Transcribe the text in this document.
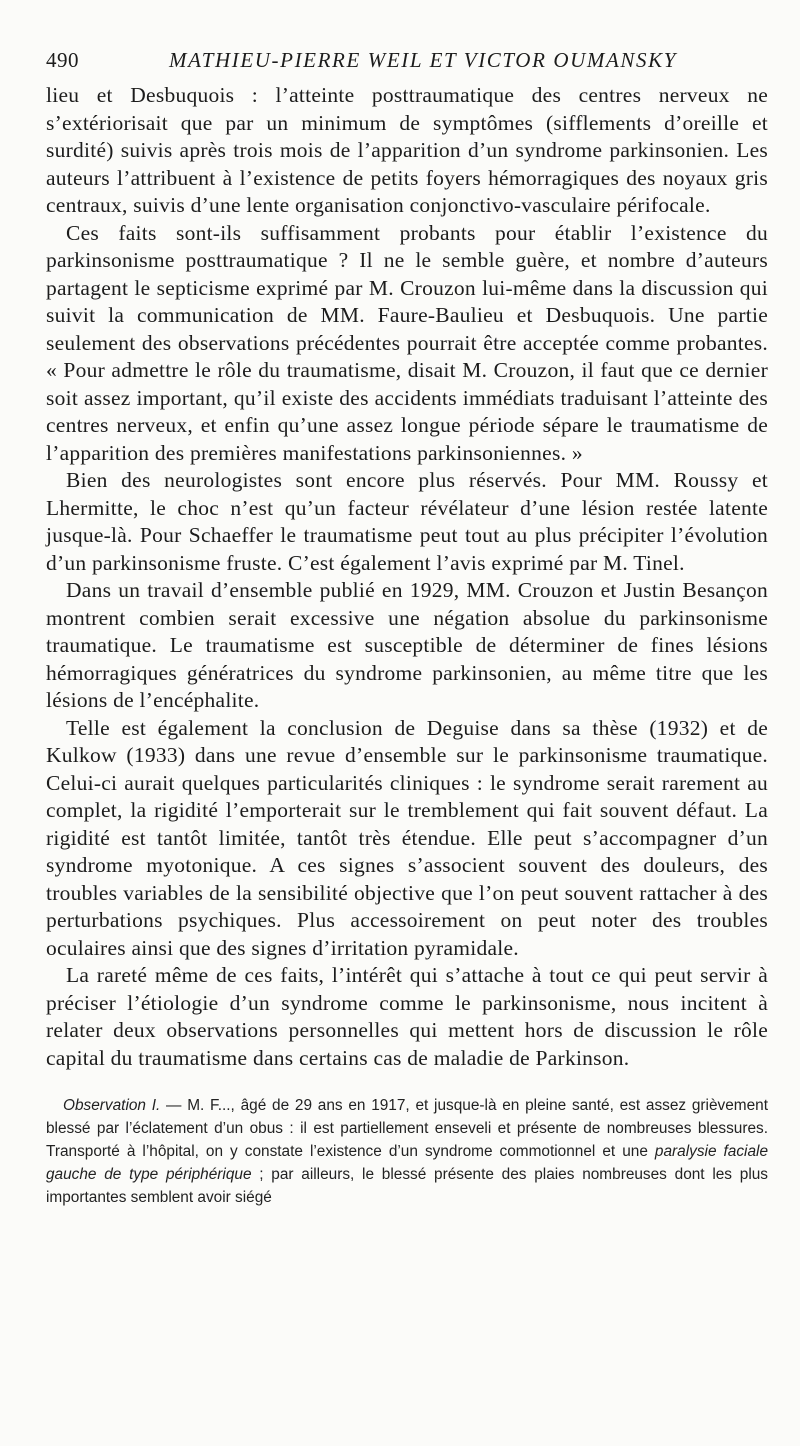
490	MATHIEU-PIERRE WEIL ET VICTOR OUMANSKY

lieu et Desbuquois : l’atteinte posttraumatique des centres nerveux ne s’extériorisait que par un minimum de symptômes (sifflements d’oreille et surdité) suivis après trois mois de l’apparition d’un syndrome parkinsonien. Les auteurs l’attribuent à l’existence de petits foyers hémorragiques des noyaux gris centraux, suivis d’une lente organisation conjonctivo-vasculaire périfocale.

Ces faits sont-ils suffisamment probants pour établir l’existence du parkinsonisme posttraumatique ? Il ne le semble guère, et nombre d’auteurs partagent le septicisme exprimé par M. Crouzon lui-même dans la discussion qui suivit la communication de MM. Faure-Baulieu et Desbuquois. Une partie seulement des observations précédentes pourrait être acceptée comme probantes. « Pour admettre le rôle du traumatisme, disait M. Crouzon, il faut que ce dernier soit assez important, qu’il existe des accidents immédiats traduisant l’atteinte des centres nerveux, et enfin qu’une assez longue période sépare le traumatisme de l’apparition des premières manifestations parkinsoniennes. »

Bien des neurologistes sont encore plus réservés. Pour MM. Roussy et Lhermitte, le choc n’est qu’un facteur révélateur d’une lésion restée latente jusque-là. Pour Schaeffer le traumatisme peut tout au plus précipiter l’évolution d’un parkinsonisme fruste. C’est également l’avis exprimé par M. Tinel.

Dans un travail d’ensemble publié en 1929, MM. Crouzon et Justin Besançon montrent combien serait excessive une négation absolue du parkinsonisme traumatique. Le traumatisme est susceptible de déterminer de fines lésions hémorragiques génératrices du syndrome parkinsonien, au même titre que les lésions de l’encéphalite.

Telle est également la conclusion de Deguise dans sa thèse (1932) et de Kulkow (1933) dans une revue d’ensemble sur le parkinsonisme traumatique. Celui-ci aurait quelques particularités cliniques : le syndrome serait rarement au complet, la rigidité l’emporterait sur le tremblement qui fait souvent défaut. La rigidité est tantôt limitée, tantôt très étendue. Elle peut s’accompagner d’un syndrome myotonique. A ces signes s’associent souvent des douleurs, des troubles variables de la sensibilité objective que l’on peut souvent rattacher à des perturbations psychiques. Plus accessoirement on peut noter des troubles oculaires ainsi que des signes d’irritation pyramidale.

La rareté même de ces faits, l’intérêt qui s’attache à tout ce qui peut servir à préciser l’étiologie d’un syndrome comme le parkinsonisme, nous incitent à relater deux observations personnelles qui mettent hors de discussion le rôle capital du traumatisme dans certains cas de maladie de Parkinson.

Observation I. — M. F..., âgé de 29 ans en 1917, et jusque-là en pleine santé, est assez grièvement blessé par l’éclatement d’un obus : il est partiellement enseveli et présente de nombreuses blessures. Transporté à l’hôpital, on y constate l’existence d’un syndrome commotionnel et une paralysie faciale gauche de type périphérique ; par ailleurs, le blessé présente des plaies nombreuses dont les plus importantes semblent avoir siégé
